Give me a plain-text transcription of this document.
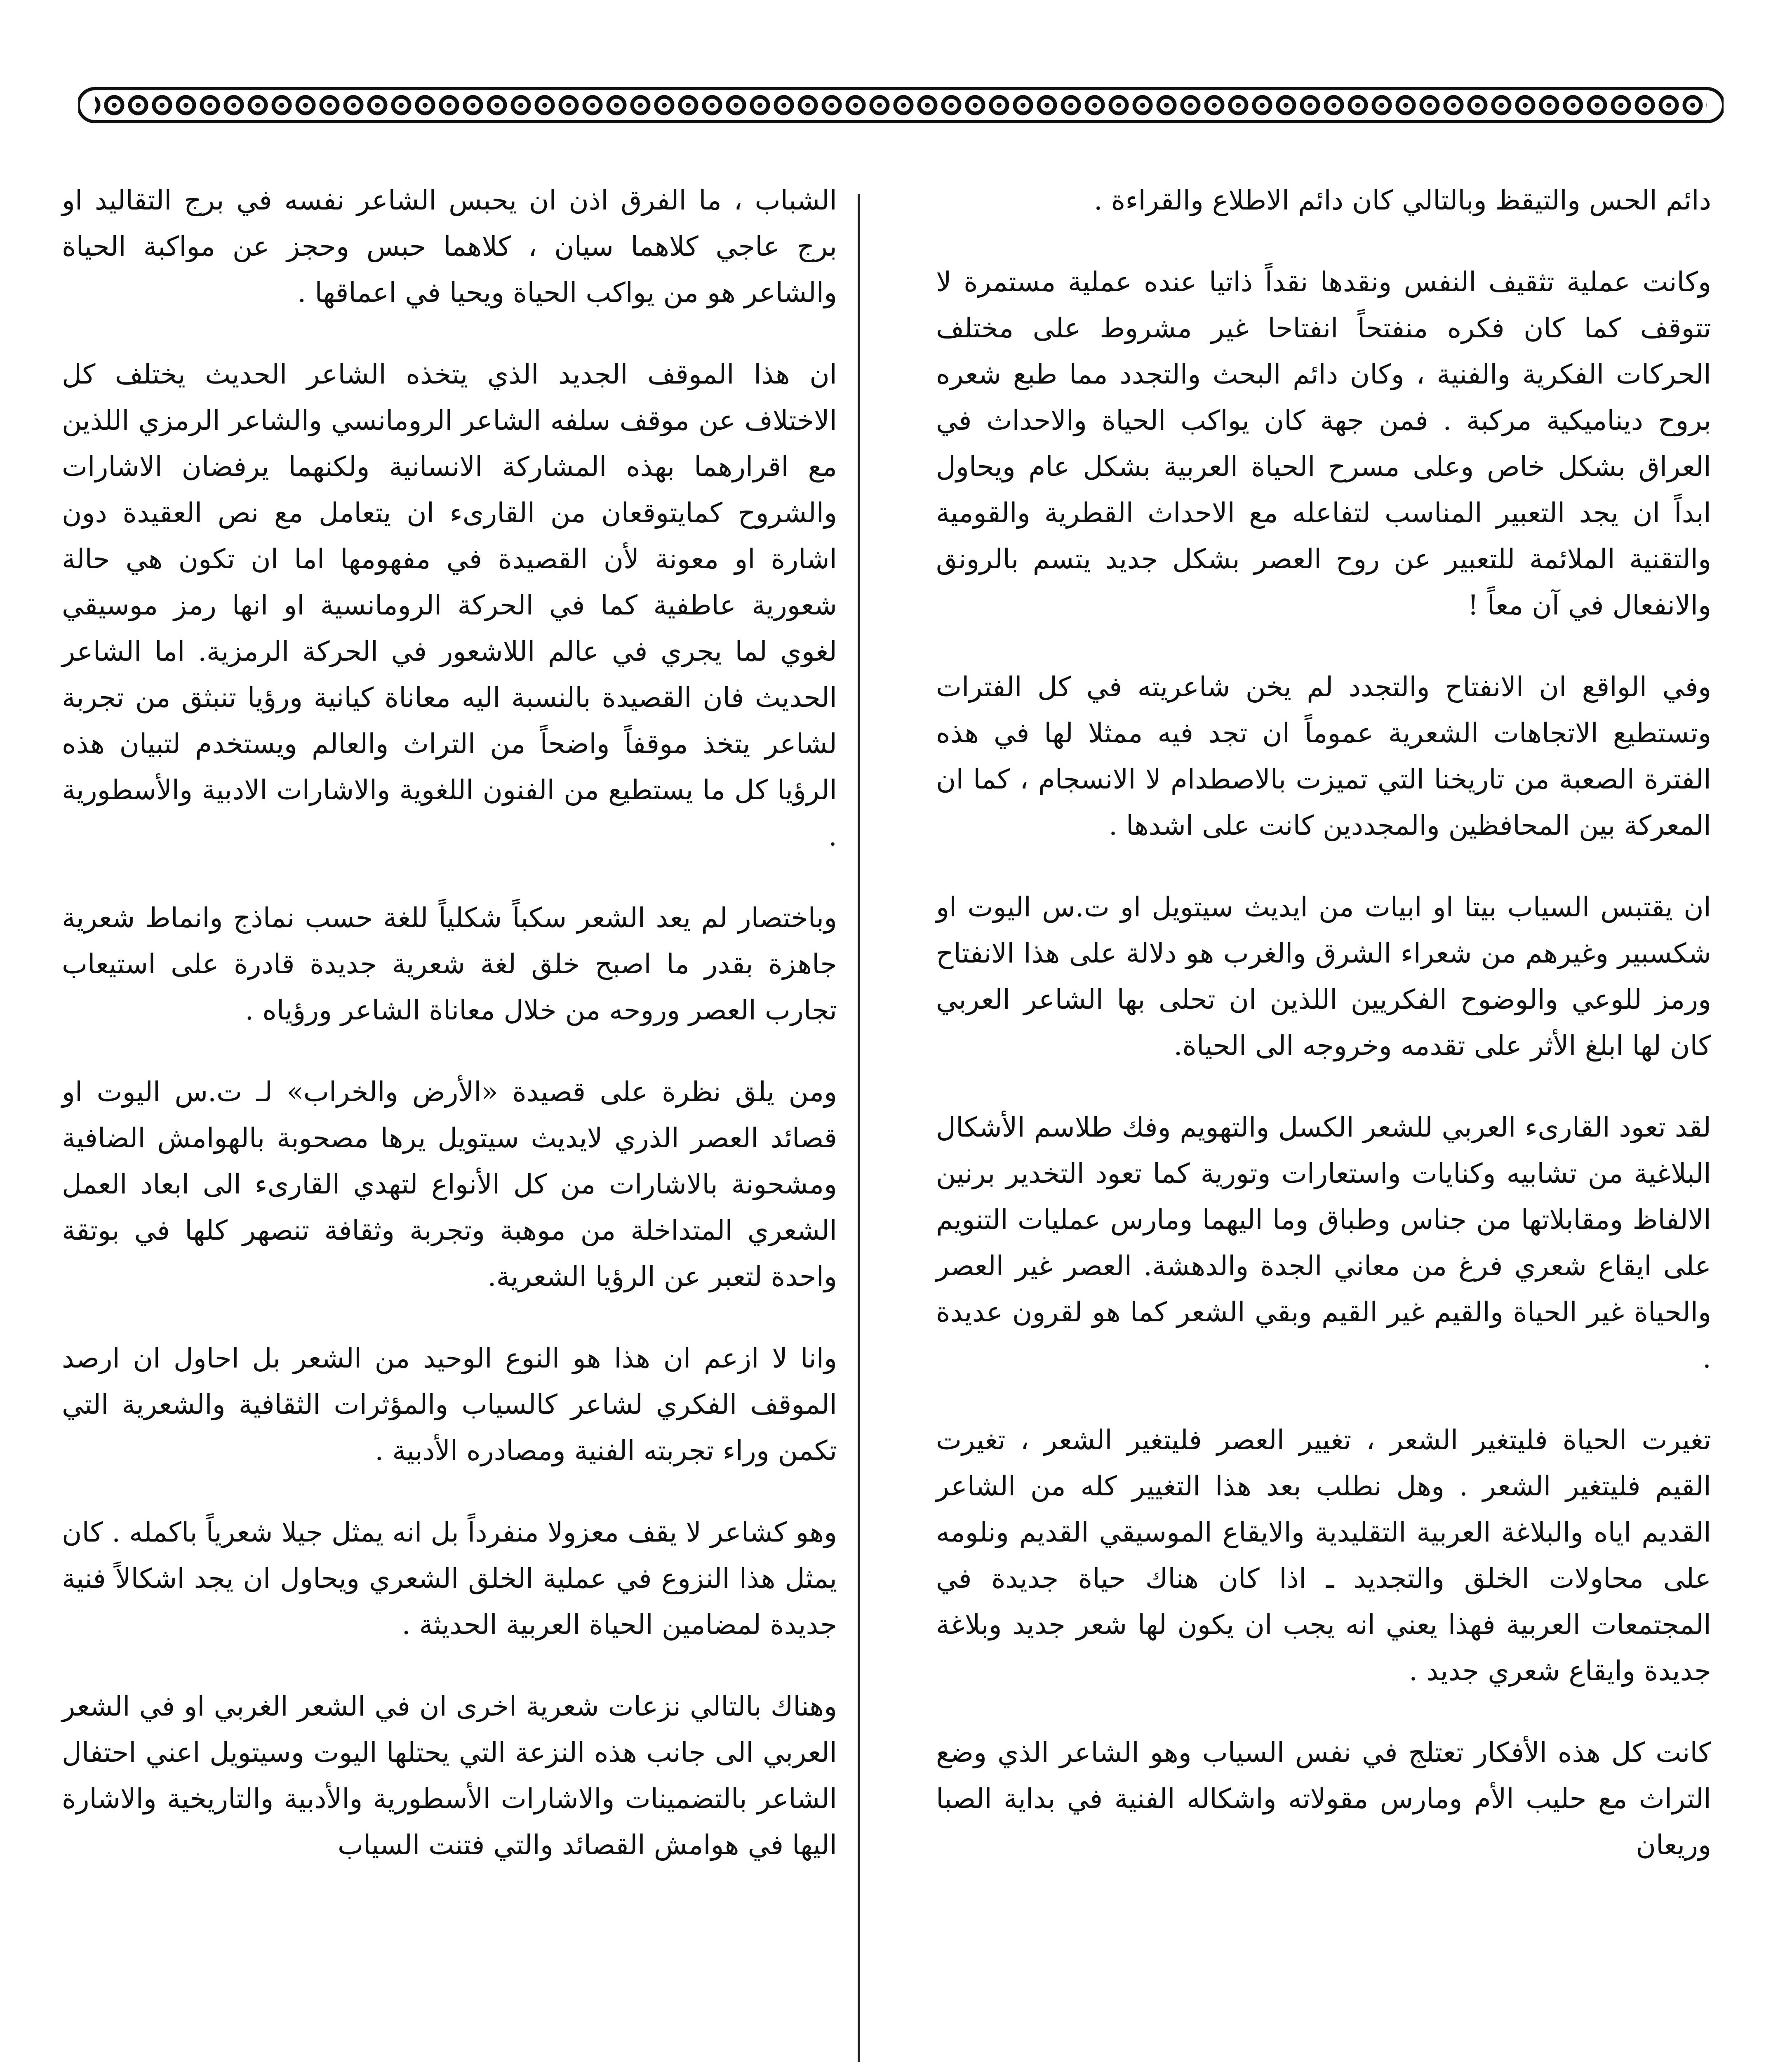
دائم الحس والتيقظ وبالتالي كان دائم الاطلاع والقراءة .

وكانت عملية تثقيف النفس ونقدها نقداً ذاتيا عنده عملية مستمرة لا تتوقف كما كان فكره منفتحاً انفتاحا غير مشروط على مختلف الحركات الفكرية والفنية ، وكان دائم البحث والتجدد مما طبع شعره بروح ديناميكية مركبة . فمن جهة كان يواكب الحياة والاحداث في العراق بشكل خاص وعلى مسرح الحياة العربية بشكل عام ويحاول ابداً ان يجد التعبير المناسب لتفاعله مع الاحداث القطرية والقومية والتقنية الملائمة للتعبير عن روح العصر بشكل جديد يتسم بالرونق والانفعال في آن معاً !

وفي الواقع ان الانفتاح والتجدد لم يخن شاعريته في كل الفترات وتستطيع الاتجاهات الشعرية عموماً ان تجد فيه ممثلا لها في هذه الفترة الصعبة من تاريخنا التي تميزت بالاصطدام لا الانسجام ، كما ان المعركة بين المحافظين والمجددين كانت على اشدها .

ان يقتبس السياب بيتا او ابيات من ايديث سيتويل او ت.س اليوت او شكسبير وغيرهم من شعراء الشرق والغرب هو دلالة على هذا الانفتاح ورمز للوعي والوضوح الفكريين اللذين ان تحلى بها الشاعر العربي كان لها ابلغ الأثر على تقدمه وخروجه الى الحياة.

لقد تعود القارىء العربي للشعر الكسل والتهويم وفك طلاسم الأشكال البلاغية من تشابيه وكنايات واستعارات وتورية كما تعود التخدير برنين الالفاظ ومقابلاتها من جناس وطباق وما اليهما ومارس عمليات التنويم على ايقاع شعري فرغ من معاني الجدة والدهشة. العصر غير العصر والحياة غير الحياة والقيم غير القيم وبقي الشعر كما هو لقرون عديدة .

تغيرت الحياة فليتغير الشعر ، تغيير العصر فليتغير الشعر ، تغيرت القيم فليتغير الشعر . وهل نطلب بعد هذا التغيير كله من الشاعر القديم اياه والبلاغة العربية التقليدية والايقاع الموسيقي القديم ونلومه على محاولات الخلق والتجديد ـ اذا كان هناك حياة جديدة في المجتمعات العربية فهذا يعني انه يجب ان يكون لها شعر جديد وبلاغة جديدة وايقاع شعري جديد .

كانت كل هذه الأفكار تعتلج في نفس السياب وهو الشاعر الذي وضع التراث مع حليب الأم ومارس مقولاته واشكاله الفنية في بداية الصبا وريعان

الشباب ، ما الفرق اذن ان يحبس الشاعر نفسه في برج التقاليد او برج عاجي كلاهما سيان ، كلاهما حبس وحجز عن مواكبة الحياة والشاعر هو من يواكب الحياة ويحيا في اعماقها .

ان هذا الموقف الجديد الذي يتخذه الشاعر الحديث يختلف كل الاختلاف عن موقف سلفه الشاعر الرومانسي والشاعر الرمزي اللذين مع اقرارهما بهذه المشاركة الانسانية ولكنهما يرفضان الاشارات والشروح كمايتوقعان من القارىء ان يتعامل مع نص العقيدة دون اشارة او معونة لأن القصيدة في مفهومها اما ان تكون هي حالة شعورية عاطفية كما في الحركة الرومانسية او انها رمز موسيقي لغوي لما يجري في عالم اللاشعور في الحركة الرمزية. اما الشاعر الحديث فان القصيدة بالنسبة اليه معاناة كيانية ورؤيا تنبثق من تجربة لشاعر يتخذ موقفاً واضحاً من التراث والعالم ويستخدم لتبيان هذه الرؤيا كل ما يستطيع من الفنون اللغوية والاشارات الادبية والأسطورية .

وباختصار لم يعد الشعر سكباً شكلياً للغة حسب نماذج وانماط شعرية جاهزة بقدر ما اصبح خلق لغة شعرية جديدة قادرة على استيعاب تجارب العصر وروحه من خلال معاناة الشاعر ورؤياه .

ومن يلق نظرة على قصيدة «الأرض والخراب» لـ ت.س اليوت او قصائد العصر الذري لايديث سيتويل يرها مصحوبة بالهوامش الضافية ومشحونة بالاشارات من كل الأنواع لتهدي القارىء الى ابعاد العمل الشعري المتداخلة من موهبة وتجربة وثقافة تنصهر كلها في بوتقة واحدة لتعبر عن الرؤيا الشعرية.

وانا لا ازعم ان هذا هو النوع الوحيد من الشعر بل احاول ان ارصد الموقف الفكري لشاعر كالسياب والمؤثرات الثقافية والشعرية التي تكمن وراء تجربته الفنية ومصادره الأدبية .

وهو كشاعر لا يقف معزولا منفرداً بل انه يمثل جيلا شعرياً باكمله . كان يمثل هذا النزوع في عملية الخلق الشعري ويحاول ان يجد اشكالاً فنية جديدة لمضامين الحياة العربية الحديثة .

وهناك بالتالي نزعات شعرية اخرى ان في الشعر الغربي او في الشعر العربي الى جانب هذه النزعة التي يحتلها اليوت وسيتويل اعني احتفال الشاعر بالتضمينات والاشارات الأسطورية والأدبية والتاريخية والاشارة اليها في هوامش القصائد والتي فتنت السياب
